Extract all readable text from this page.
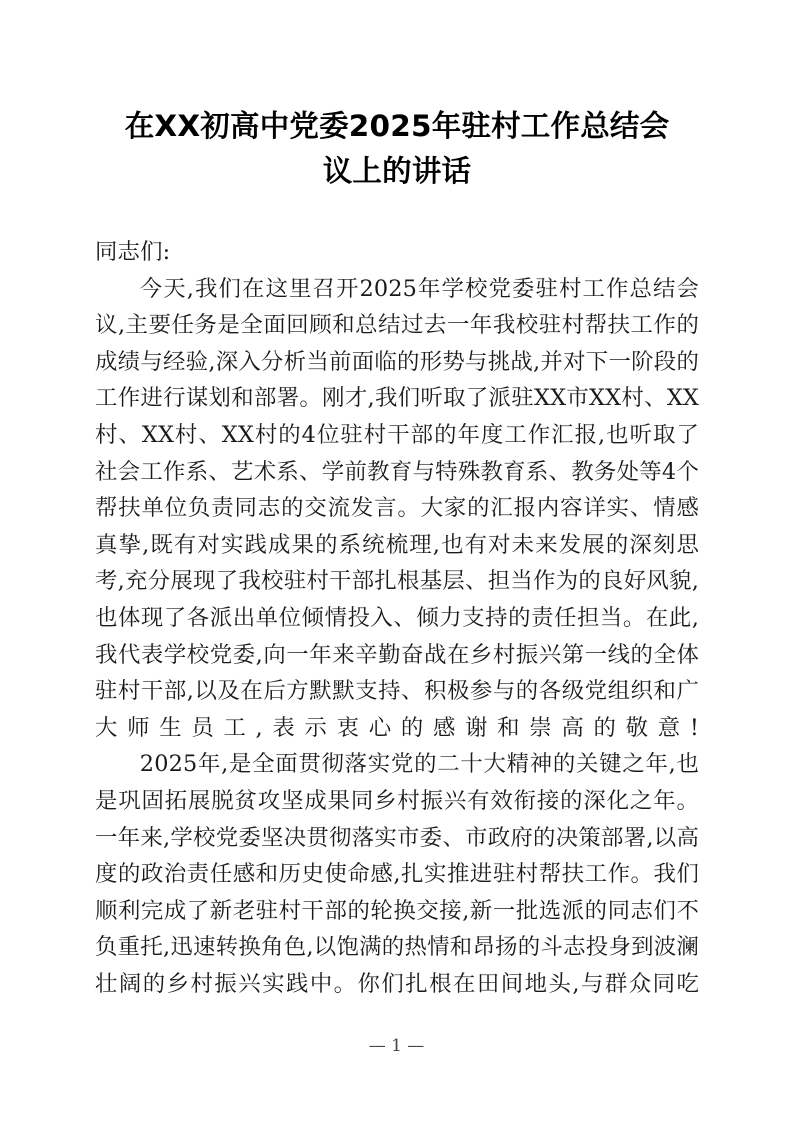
在XX初高中党委2025年驻村工作总结会
议上的讲话

同志们:

今天,我们在这里召开2025年学校党委驻村工作总结会议,主要任务是全面回顾和总结过去一年我校驻村帮扶工作的成绩与经验,深入分析当前面临的形势与挑战,并对下一阶段的工作进行谋划和部署。刚才,我们听取了派驻XX市XX村、XX村、XX村、XX村的4位驻村干部的年度工作汇报,也听取了社会工作系、艺术系、学前教育与特殊教育系、教务处等4个帮扶单位负责同志的交流发言。大家的汇报内容详实、情感真挚,既有对实践成果的系统梳理,也有对未来发展的深刻思考,充分展现了我校驻村干部扎根基层、担当作为的良好风貌,也体现了各派出单位倾情投入、倾力支持的责任担当。在此,我代表学校党委,向一年来辛勤奋战在乡村振兴第一线的全体驻村干部,以及在后方默默支持、积极参与的各级党组织和广大师生员工,表示衷心的感谢和崇高的敬意!

2025年,是全面贯彻落实党的二十大精神的关键之年,也是巩固拓展脱贫攻坚成果同乡村振兴有效衔接的深化之年。一年来,学校党委坚决贯彻落实市委、市政府的决策部署,以高度的政治责任感和历史使命感,扎实推进驻村帮扶工作。我们顺利完成了新老驻村干部的轮换交接,新一批选派的同志们不负重托,迅速转换角色,以饱满的热情和昂扬的斗志投身到波澜壮阔的乡村振兴实践中。你们扎根在田间地头,与群众同吃

— 1 —
